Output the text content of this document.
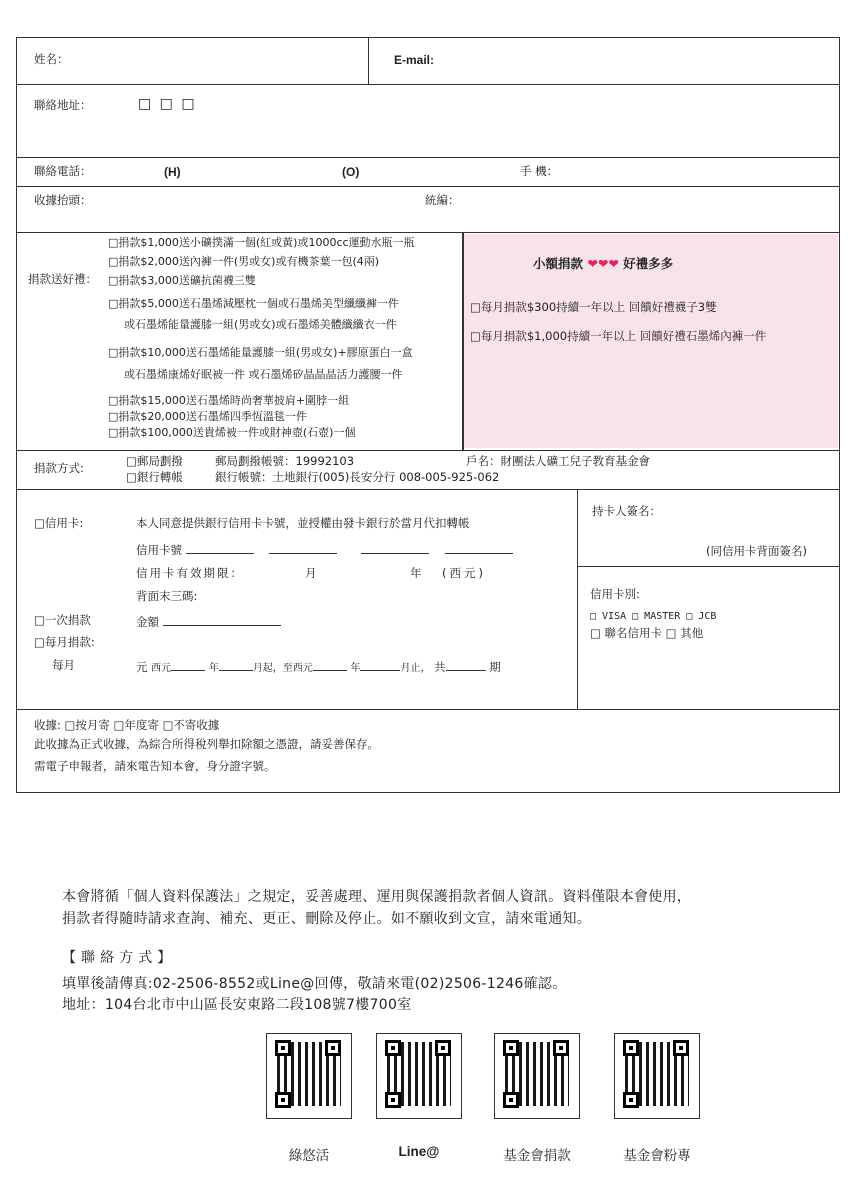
姓名：	E-mail:
聯絡地址：	□ □ □
聯絡電話：	(H)	(O)	手 機：
收據抬頭：	統編：
捐款送好禮：
□捐款$1,000送小礦撲滿一個(紅或黃)或1000cc運動水瓶一瓶
□捐款$2,000送內褲一件(男或女)或有機茶葉一包(4兩)
□捐款$3,000送礦抗菌襪三雙
□捐款$5,000送石墨烯減壓枕一個或石墨烯美型纖纖褲一件
或石墨烯能量護膝一組(男或女)或石墨烯美體纖纖衣一件
□捐款$10,000送石墨烯能量護膝一組(男或女)+膠原蛋白一盒
或石墨烯康烯好眠被一件 或石墨烯矽晶晶晶活力護腰一件
□捐款$15,000送石墨烯時尚奢華披肩+圍脖一組
□捐款$20,000送石墨烯四季恆溫毯一件
□捐款$100,000送貴烯被一件或財神壺(石壺)一個
小額捐款 ❤❤❤ 好禮多多
□每月捐款$300持續一年以上 回饋好禮襪子3雙
□每月捐款$1,000持續一年以上 回饋好禮石墨烯內褲一件
捐款方式:	□郵局劃撥	郵局劃撥帳號：19992103	戶名：財團法人礦工兒子教育基金會
□銀行轉帳	銀行帳號：土地銀行(005)長安分行 008-005-925-062
□信用卡:	本人同意提供銀行信用卡卡號，並授權由發卡銀行於當月代扣轉帳
信用卡號
信用卡有效期限：	月	年 (西元)
背面末三碼:
□一次捐款	金額
□每月捐款:
每月	元 西元	年	月起，至西元	年	月止， 共	期
持卡人簽名：
(同信用卡背面簽名)
信用卡別:
□ VISA □ MASTER □ JCB
□ 聯名信用卡 □ 其他
收據: □按月寄 □年度寄 □不寄收據
此收據為正式收據，為綜合所得稅列舉扣除額之憑證，請妥善保存。
需電子申報者，請來電告知本會，身分證字號。
本會將循「個人資料保護法」之規定，妥善處理、運用與保護捐款者個人資訊。資料僅限本會使用，
捐款者得隨時請求查詢、補充、更正、刪除及停止。如不願收到文宣，請來電通知。
【 聯 絡 方 式 】
填單後請傳真:02-2506-8552或Line@回傳，敬請來電(02)2506-1246確認。
地址：104台北市中山區長安東路二段108號7樓700室
綠悠活	Line@	基金會捐款	基金會粉專
